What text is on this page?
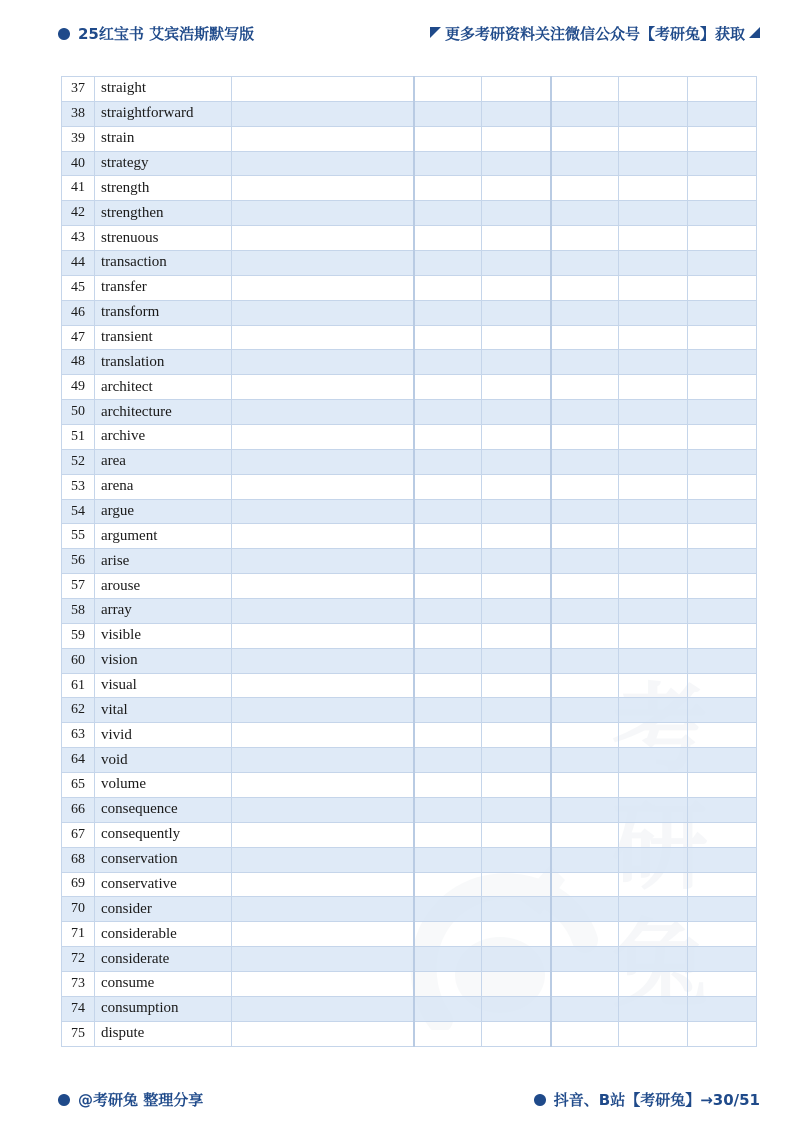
25红宝书 艾宾浩斯默写版	更多考研资料关注微信公众号【考研兔】获取
37	straight						
38	straightforward						
39	strain						
40	strategy						
41	strength						
42	strengthen						
43	strenuous						
44	transaction						
45	transfer						
46	transform						
47	transient						
48	translation						
49	architect						
50	architecture						
51	archive						
52	area						
53	arena						
54	argue						
55	argument						
56	arise						
57	arouse						
58	array						
59	visible						
60	vision						
61	visual						
62	vital						
63	vivid						
64	void						
65	volume						
66	consequence						
67	consequently						
68	conservation						
69	conservative						
70	consider						
71	considerable						
72	considerate						
73	consume						
74	consumption						
75	dispute						
@考研兔 整理分享	抖音、B站【考研兔】→30/51
